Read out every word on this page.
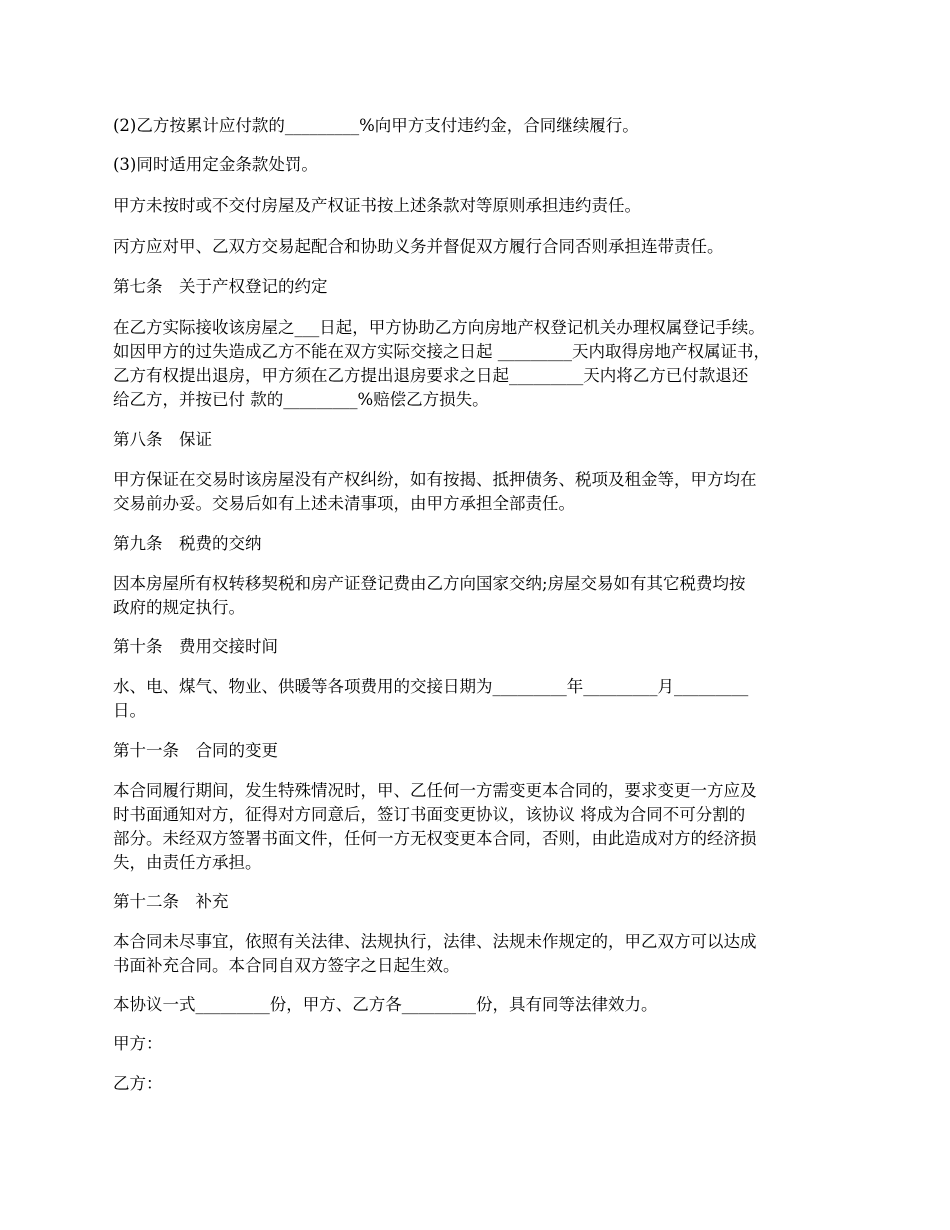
(2)乙方按累计应付款的_________%向甲方支付违约金，合同继续履行。
(3)同时适用定金条款处罚。
甲方未按时或不交付房屋及产权证书按上述条款对等原则承担违约责任。
丙方应对甲、乙双方交易起配合和协助义务并督促双方履行合同否则承担连带责任。
第七条　关于产权登记的约定
在乙方实际接收该房屋之___日起，甲方协助乙方向房地产权登记机关办理权属登记手续。
如因甲方的过失造成乙方不能在双方实际交接之日起 _________天内取得房地产权属证书，
乙方有权提出退房，甲方须在乙方提出退房要求之日起_________天内将乙方已付款退还
给乙方，并按已付 款的_________%赔偿乙方损失。
第八条　保证
甲方保证在交易时该房屋没有产权纠纷，如有按揭、抵押债务、税项及租金等，甲方均在
交易前办妥。交易后如有上述未清事项，由甲方承担全部责任。
第九条　税费的交纳
因本房屋所有权转移契税和房产证登记费由乙方向国家交纳;房屋交易如有其它税费均按
政府的规定执行。
第十条　费用交接时间
水、电、煤气、物业、供暖等各项费用的交接日期为_________年_________月_________
日。
第十一条　合同的变更
本合同履行期间，发生特殊情况时，甲、乙任何一方需变更本合同的，要求变更一方应及
时书面通知对方，征得对方同意后，签订书面变更协议，该协议 将成为合同不可分割的
部分。未经双方签署书面文件，任何一方无权变更本合同，否则，由此造成对方的经济损
失，由责任方承担。
第十二条　补充
本合同未尽事宜，依照有关法律、法规执行，法律、法规未作规定的，甲乙双方可以达成
书面补充合同。本合同自双方签字之日起生效。
本协议一式_________份，甲方、乙方各_________份，具有同等法律效力。
甲方：
乙方：
